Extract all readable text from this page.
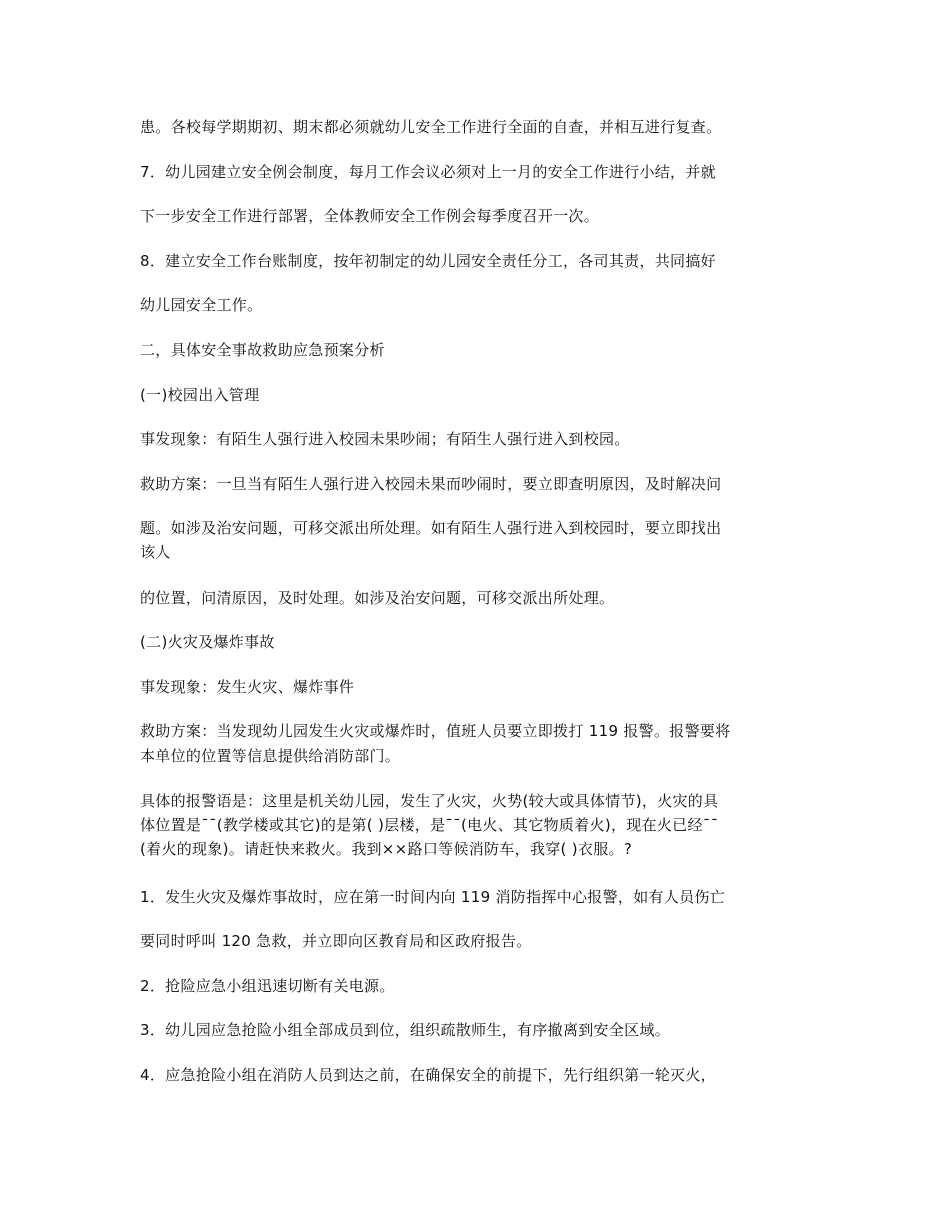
患。各校每学期期初、期末都必须就幼儿安全工作进行全面的自查，并相互进行复查。
7．幼儿园建立安全例会制度，每月工作会议必须对上一月的安全工作进行小结，并就
下一步安全工作进行部署，全体教师安全工作例会每季度召开一次。
8．建立安全工作台账制度，按年初制定的幼儿园安全责任分工，各司其责，共同搞好
幼儿园安全工作。
二，具体安全事故救助应急预案分析
(一)校园出入管理
事发现象：有陌生人强行进入校园未果吵闹；有陌生人强行进入到校园。
救助方案：一旦当有陌生人强行进入校园未果而吵闹时，要立即查明原因，及时解决问
题。如涉及治安问题，可移交派出所处理。如有陌生人强行进入到校园时，要立即找出
该人
的位置，问清原因，及时处理。如涉及治安问题，可移交派出所处理。
(二)火灾及爆炸事故
事发现象：发生火灾、爆炸事件
救助方案：当发现幼儿园发生火灾或爆炸时，值班人员要立即拨打 119 报警。报警要将
本单位的位置等信息提供给消防部门。
具体的报警语是：这里是机关幼儿园，发生了火灾，火势(较大或具体情节)，火灾的具
体位置是¯¯(教学楼或其它)的是第( )层楼，是¯¯(电火、其它物质着火)，现在火已经¯¯
(着火的现象)。请赶快来救火。我到××路口等候消防车，我穿( )衣服。?
1．发生火灾及爆炸事故时，应在第一时间内向 119 消防指挥中心报警，如有人员伤亡
要同时呼叫 120 急救，并立即向区教育局和区政府报告。
2．抢险应急小组迅速切断有关电源。
3．幼儿园应急抢险小组全部成员到位，组织疏散师生，有序撤离到安全区域。
4．应急抢险小组在消防人员到达之前，在确保安全的前提下，先行组织第一轮灭火，
